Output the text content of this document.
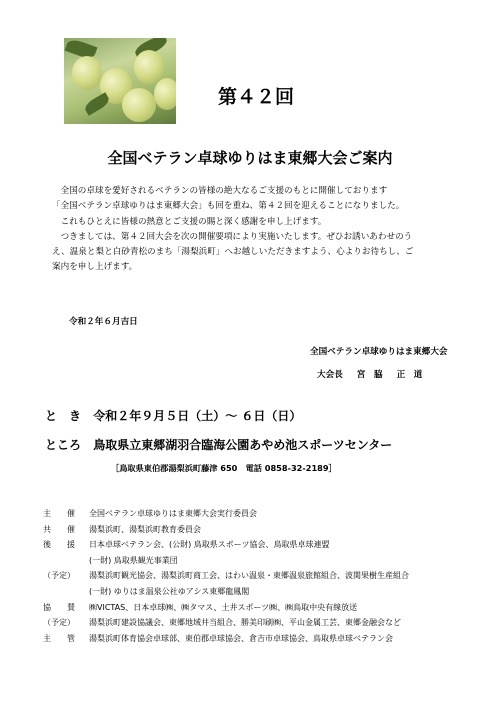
第４２回
全国ベテラン卓球ゆりはま東郷大会ご案内

　全国の卓球を愛好されるベテランの皆様の絶大なるご支援のもとに開催しております

「全国ベテラン卓球ゆりはま東郷大会」も回を重ね、第４２回を迎えることになりました。

　これもひとえに皆様の熱意とご支援の賜と深く感謝を申し上げます。

　つきましては、第４２回大会を次の開催要項により実施いたします。ぜひお誘いあわせのう

え、温泉と梨と白砂青松のまち「湯梨浜町」へお越しいただきますよう、心よりお待ちし、ご

案内を申し上げます。

令和２年６月吉日
全国ベテラン卓球ゆりはま東郷大会
大会長 宮　脇 正　道
と　き 令和２年９月５日（土）～ ６日（日）
ところ 鳥取県立東郷湖羽合臨海公園あやめ池スポーツセンター
［鳥取県東伯郡湯梨浜町藤津 650　電話 0858-32-2189］
主　　催	全国ベテラン卓球ゆりはま東郷大会実行委員会
共　　催	湯梨浜町、湯梨浜町教育委員会
後　　援	日本卓球ベテラン会、(公財) 鳥取県スポーツ協会、鳥取県卓球連盟
(一財) 鳥取県観光事業団
（予定）	湯梨浜町観光協会、湯梨浜町商工会、はわい温泉・東郷温泉旅館組合、波関果樹生産組合
(一財) ゆりはま温泉公社ゆアシス東郷龍鳳閣
協　　賛	㈱VICTAS、日本卓球㈱、㈱タマス、土井スポーツ㈱、㈱鳥取中央有線放送
（予定）	湯梨浜町建設協議会、東郷地域井当組合、勝美印刷㈱、平山金属工芸、東郷金融会など
主　　管	湯梨浜町体育協会卓球部、東伯郡卓球協会、倉吉市卓球協会、鳥取県卓球ベテラン会
